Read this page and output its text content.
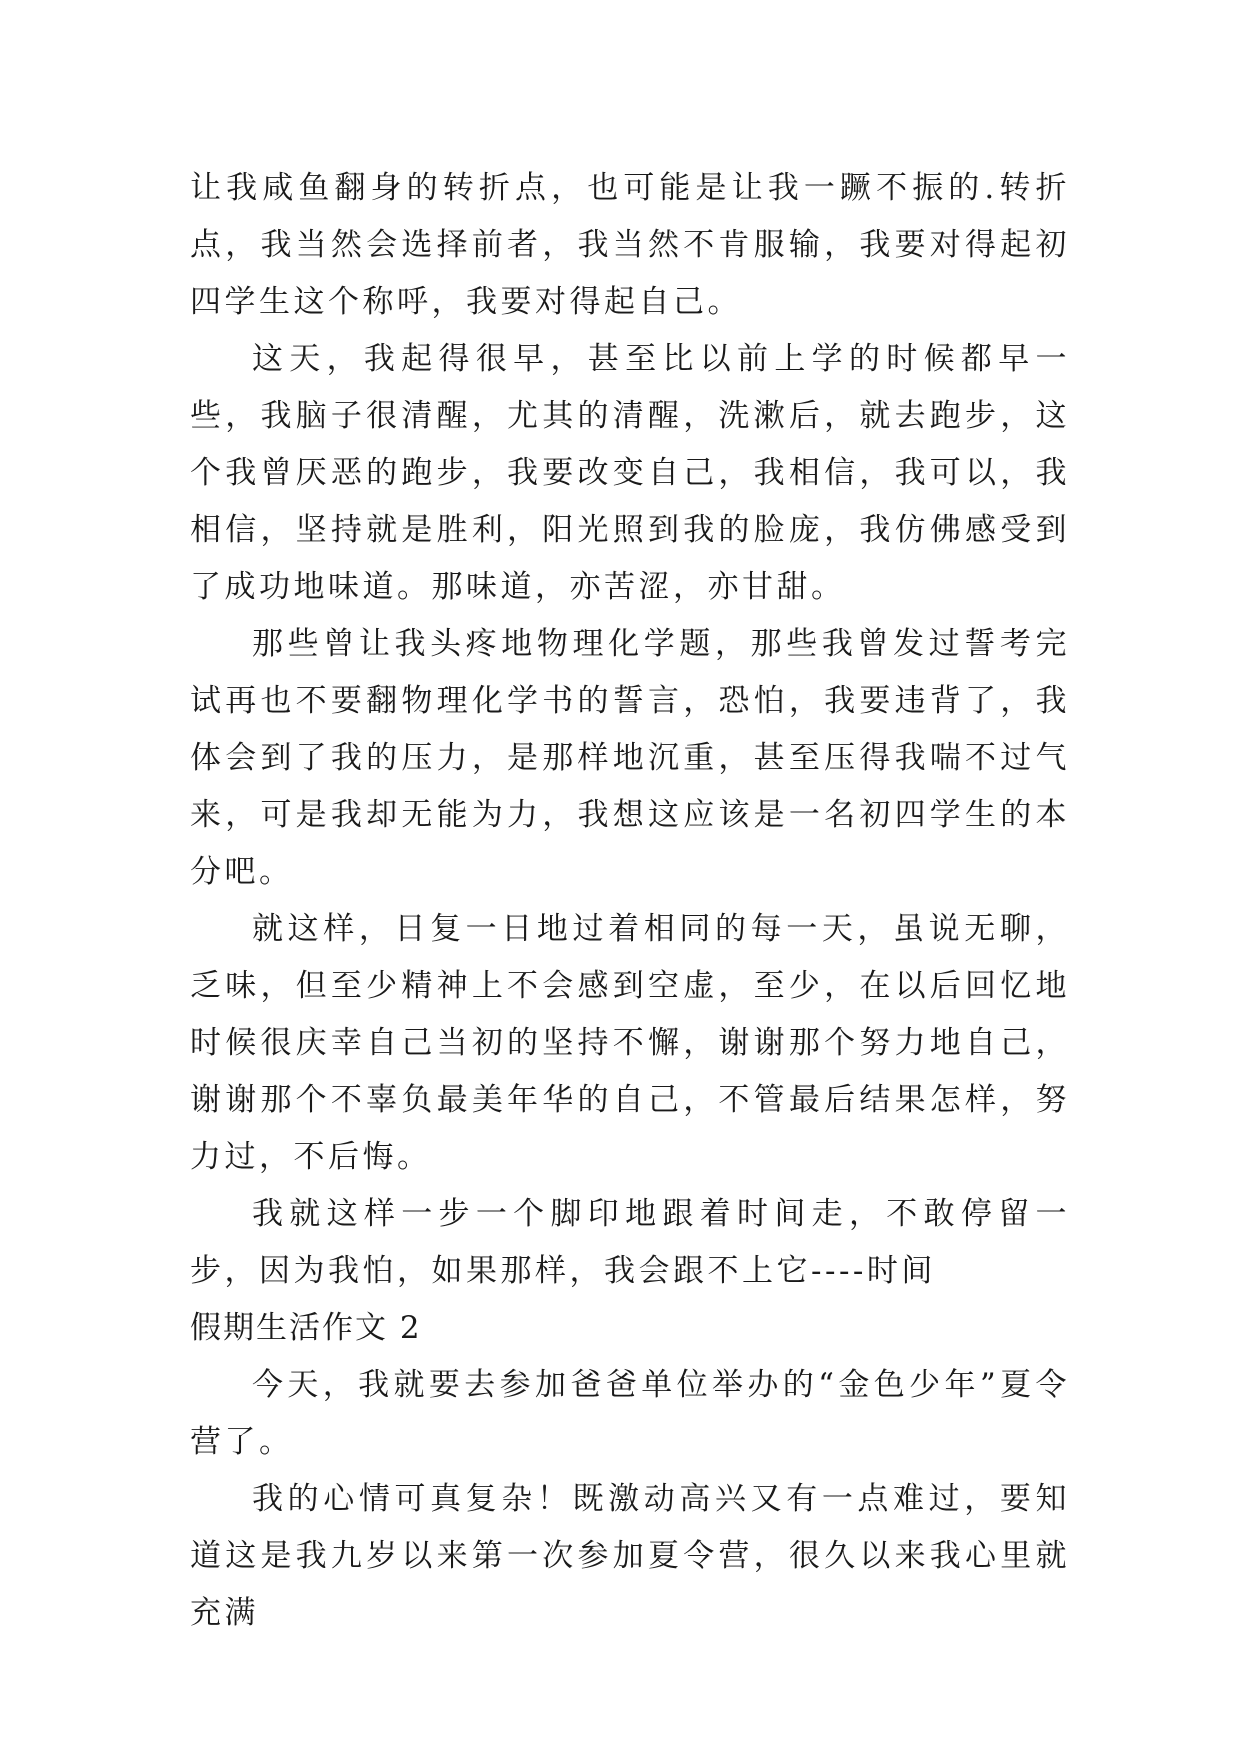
让我咸鱼翻身的转折点，也可能是让我一蹶不振的.转折点，我当然会选择前者，我当然不肯服输，我要对得起初四学生这个称呼，我要对得起自己。

这天，我起得很早，甚至比以前上学的时候都早一些，我脑子很清醒，尤其的清醒，洗漱后，就去跑步，这个我曾厌恶的跑步，我要改变自己，我相信，我可以，我相信，坚持就是胜利，阳光照到我的脸庞，我仿佛感受到了成功地味道。那味道，亦苦涩，亦甘甜。

那些曾让我头疼地物理化学题，那些我曾发过誓考完试再也不要翻物理化学书的誓言，恐怕，我要违背了，我体会到了我的压力，是那样地沉重，甚至压得我喘不过气来，可是我却无能为力，我想这应该是一名初四学生的本分吧。

就这样，日复一日地过着相同的每一天，虽说无聊，乏味，但至少精神上不会感到空虚，至少，在以后回忆地时候很庆幸自己当初的坚持不懈，谢谢那个努力地自己，谢谢那个不辜负最美年华的自己，不管最后结果怎样，努力过，不后悔。

我就这样一步一个脚印地跟着时间走，不敢停留一步，因为我怕，如果那样，我会跟不上它----时间

假期生活作文 2

今天，我就要去参加爸爸单位举办的“金色少年”夏令营了。

我的心情可真复杂！既激动高兴又有一点难过，要知道这是我九岁以来第一次参加夏令营，很久以来我心里就充满
